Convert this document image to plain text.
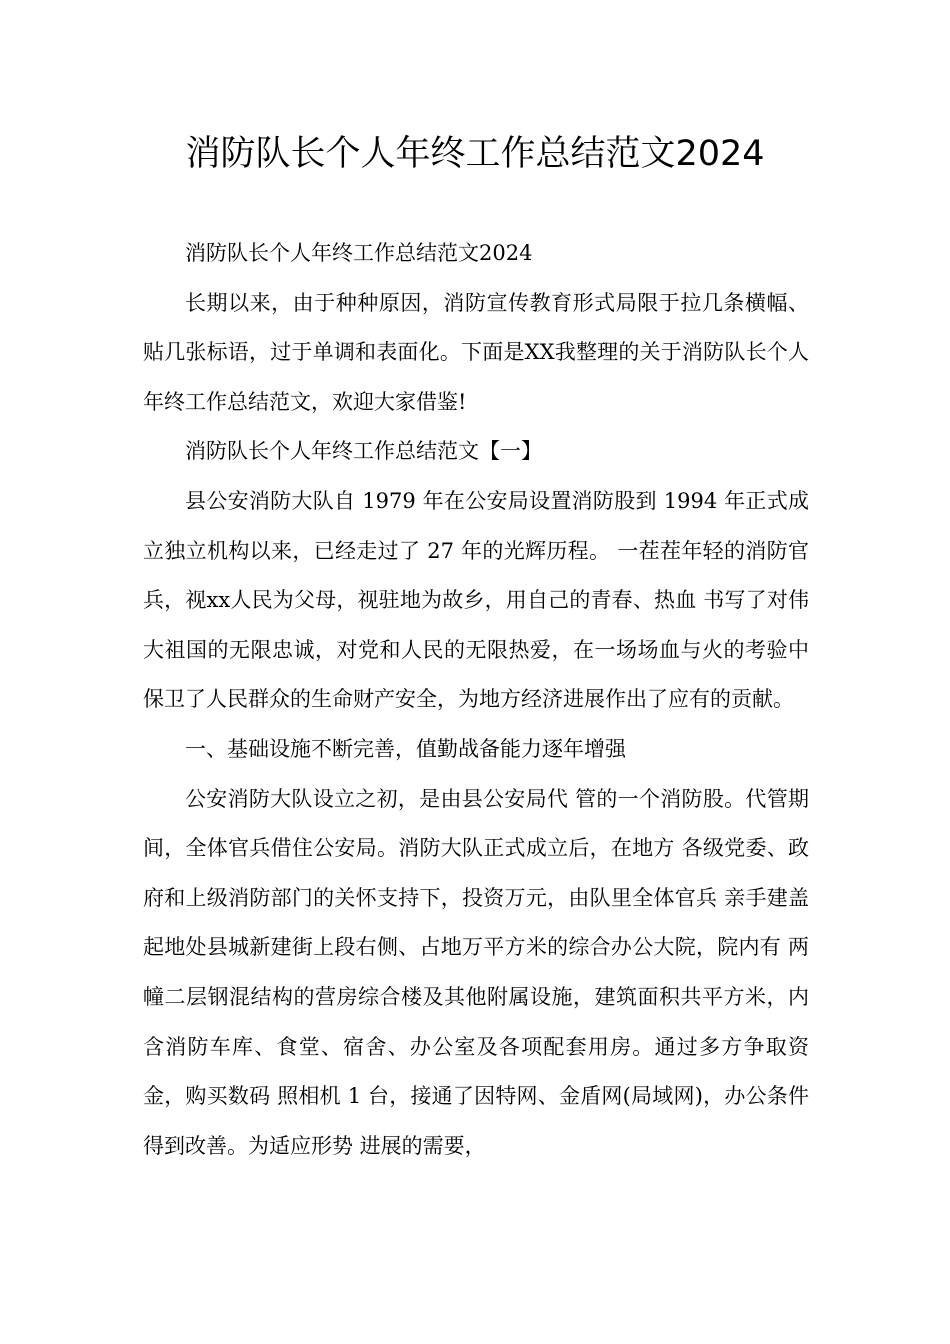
消防队长个人年终工作总结范文2024

消防队长个人年终工作总结范文2024

长期以来，由于种种原因，消防宣传教育形式局限于拉几条横幅、贴几张标语，过于单调和表面化。下面是XX我整理的关于消防队长个人年终工作总结范文，欢迎大家借鉴!

消防队长个人年终工作总结范文【一】

县公安消防大队自 1979 年在公安局设置消防股到 1994 年正式成立独立机构以来，已经走过了 27 年的光辉历程。 一茬茬年轻的消防官兵，视xx人民为父母，视驻地为故乡，用自己的青春、热血 书写了对伟大祖国的无限忠诚，对党和人民的无限热爱，在一场场血与火的考验中 保卫了人民群众的生命财产安全，为地方经济进展作出了应有的贡献。

一、基础设施不断完善，值勤战备能力逐年增强

公安消防大队设立之初，是由县公安局代 管的一个消防股。代管期间，全体官兵借住公安局。消防大队正式成立后，在地方 各级党委、政府和上级消防部门的关怀支持下，投资万元，由队里全体官兵 亲手建盖起地处县城新建街上段右侧、占地万平方米的综合办公大院，院内有 两幢二层钢混结构的营房综合楼及其他附属设施，建筑面积共平方米，内 含消防车库、食堂、宿舍、办公室及各项配套用房。通过多方争取资金，购买数码 照相机 1 台，接通了因特网、金盾网(局域网)，办公条件得到改善。为适应形势 进展的需要，
